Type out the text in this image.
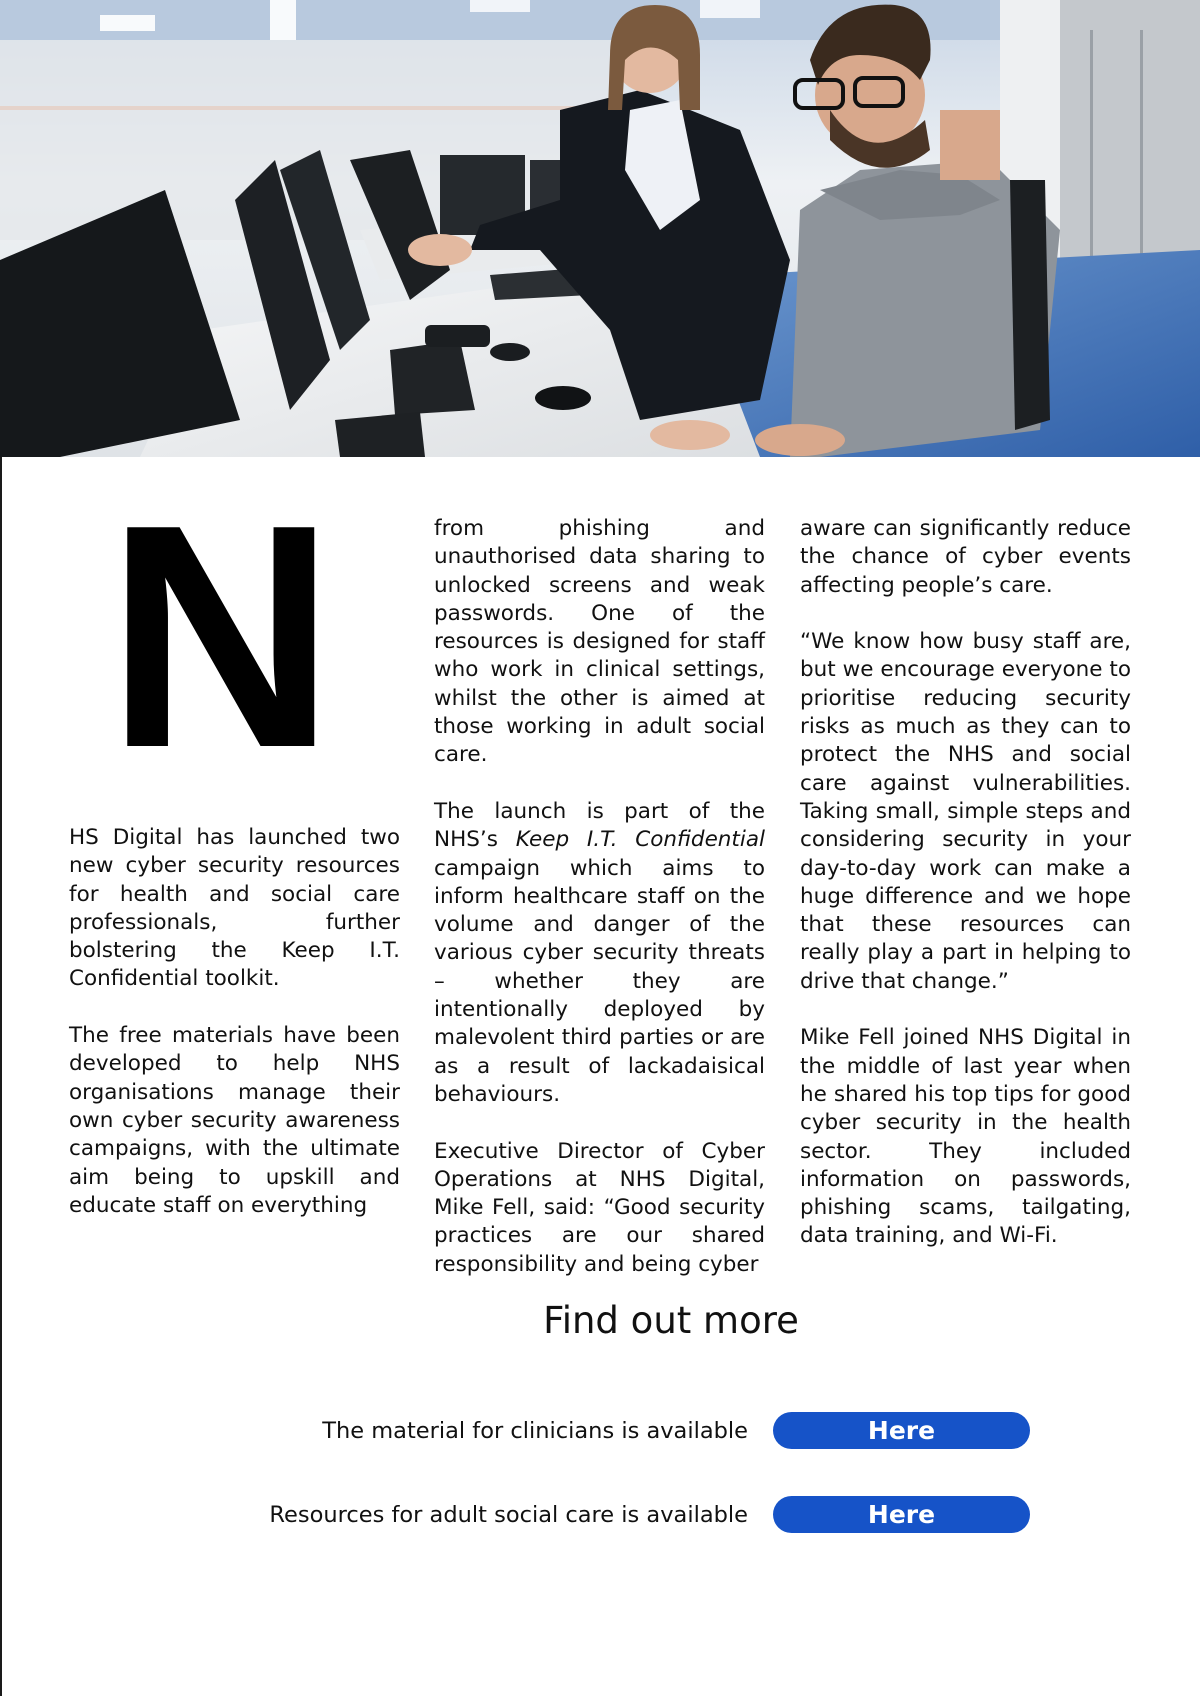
N

HS Digital has launched two new cyber security resources for health and social care professionals, further bolstering the Keep I.T. Confidential toolkit.

The free materials have been developed to help NHS organisations manage their own cyber security awareness campaigns, with the ultimate aim being to upskill and educate staff on everything

from phishing and unauthorised data sharing to unlocked screens and weak passwords. One of the resources is designed for staff who work in clinical settings, whilst the other is aimed at those working in adult social care.

The launch is part of the NHS’s Keep I.T. Confidential campaign which aims to inform healthcare staff on the volume and danger of the various cyber security threats – whether they are intentionally deployed by malevolent third parties or are as a result of lackadaisical behaviours.

Executive Director of Cyber Operations at NHS Digital, Mike Fell, said: “Good security practices are our shared responsibility and being cyber

aware can significantly reduce the chance of cyber events affecting people’s care.

“We know how busy staff are, but we encourage everyone to prioritise reducing security risks as much as they can to protect the NHS and social care against vulnerabilities. Taking small, simple steps and considering security in your day-to-day work can make a huge difference and we hope that these resources can really play a part in helping to drive that change.”

Mike Fell joined NHS Digital in the middle of last year when he shared his top tips for good cyber security in the health sector. They included information on passwords, phishing scams, tailgating, data training, and Wi-Fi.

Find out more
The material for clinicians is available	Here
Resources for adult social care is available	Here
